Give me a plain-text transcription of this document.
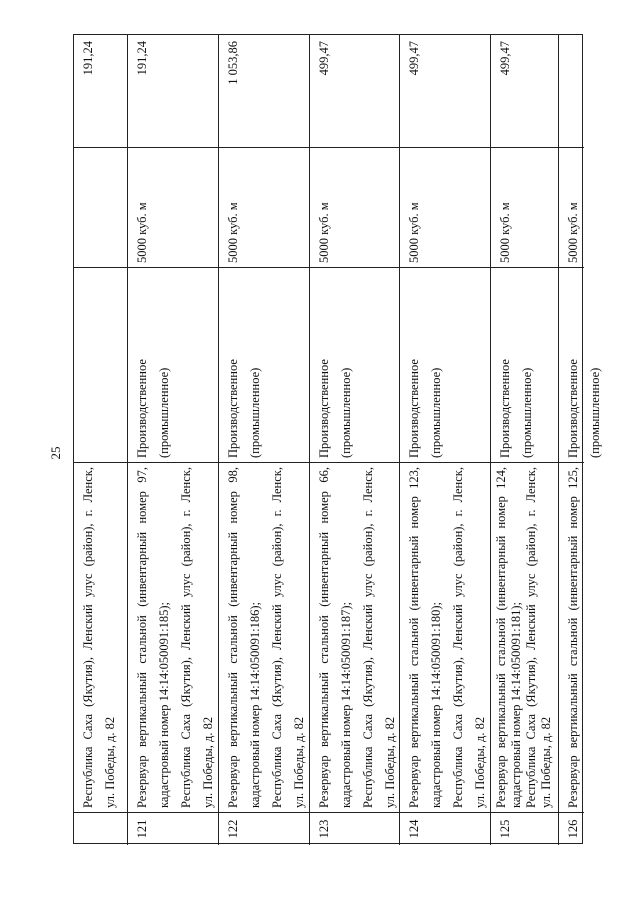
25
Республика Саха (Якутия), Ленский улус (район), г. Ленск, ул. Победы, д. 82
191,24
121
Резервуар вертикальный стальной (инвентарный номер 97, кадастровый номер 14:14:050091:185); Республика Саха (Якутия), Ленский улус (район), г. Ленск, ул. Победы, д. 82
Производственное (промышленное)
5000 куб. м
191,24
122
Резервуар вертикальный стальной (инвентарный номер 98, кадастровый номер 14:14:050091:186); Республика Саха (Якутия), Ленский улус (район), г. Ленск, ул. Победы, д. 82
Производственное (промышленное)
5000 куб. м
1 053,86
123
Резервуар вертикальный стальной (инвентарный номер 66, кадастровый номер 14:14:050091:187); Республика Саха (Якутия), Ленский улус (район), г. Ленск, ул. Победы, д. 82
Производственное (промышленное)
5000 куб. м
499,47
124
Резервуар вертикальный стальной (инвентарный номер 123, кадастровый номер 14:14:050091:180); Республика Саха (Якутия), Ленский улус (район), г. Ленск, ул. Победы, д. 82
Производственное (промышленное)
5000 куб. м
499,47
125
Резервуар вертикальный стальной (инвентарный номер 124, кадастровый номер 14:14:050091:181); Республика Саха (Якутия), Ленский улус (район), г. Ленск, ул. Победы, д. 82
Производственное (промышленное)
5000 куб. м
499,47
126
Резервуар вертикальный стальной (инвентарный номер 125,
Производственное (промышленное)
5000 куб. м
